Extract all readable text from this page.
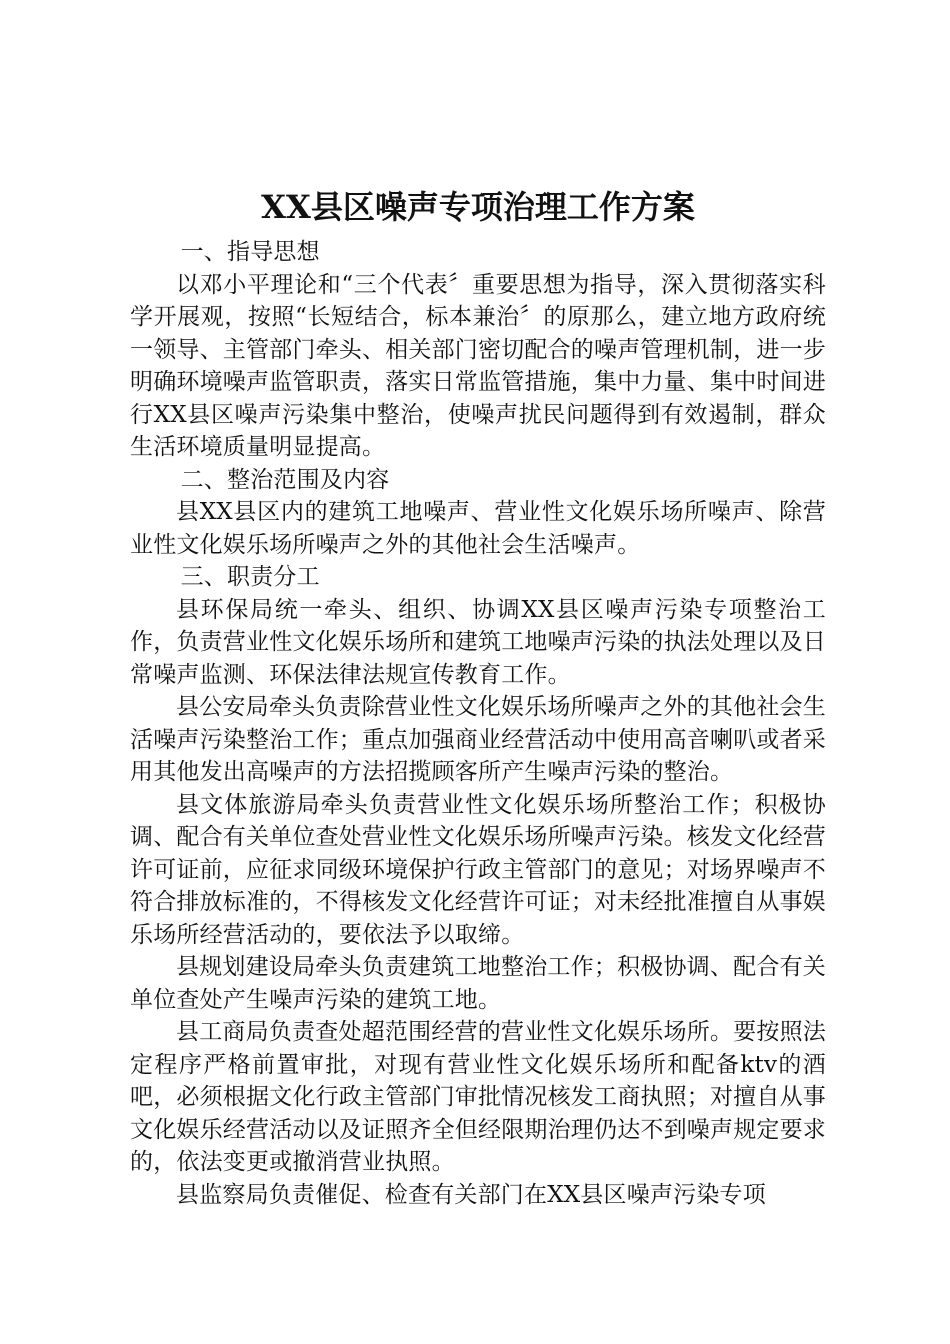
XX县区噪声专项治理工作方案

一、指导思想

以邓小平理论和“三个代表〞重要思想为指导，深入贯彻落实科学开展观，按照“长短结合，标本兼治〞的原那么，建立地方政府统一领导、主管部门牵头、相关部门密切配合的噪声管理机制，进一步明确环境噪声监管职责，落实日常监管措施，集中力量、集中时间进行XX县区噪声污染集中整治，使噪声扰民问题得到有效遏制，群众生活环境质量明显提高。

二、整治范围及内容

县XX县区内的建筑工地噪声、营业性文化娱乐场所噪声、除营业性文化娱乐场所噪声之外的其他社会生活噪声。

三、职责分工

县环保局统一牵头、组织、协调XX县区噪声污染专项整治工作，负责营业性文化娱乐场所和建筑工地噪声污染的执法处理以及日常噪声监测、环保法律法规宣传教育工作。

县公安局牵头负责除营业性文化娱乐场所噪声之外的其他社会生活噪声污染整治工作；重点加强商业经营活动中使用高音喇叭或者采用其他发出高噪声的方法招揽顾客所产生噪声污染的整治。

县文体旅游局牵头负责营业性文化娱乐场所整治工作；积极协调、配合有关单位查处营业性文化娱乐场所噪声污染。核发文化经营许可证前，应征求同级环境保护行政主管部门的意见；对场界噪声不符合排放标准的，不得核发文化经营许可证；对未经批准擅自从事娱乐场所经营活动的，要依法予以取缔。

县规划建设局牵头负责建筑工地整治工作；积极协调、配合有关单位查处产生噪声污染的建筑工地。

县工商局负责查处超范围经营的营业性文化娱乐场所。要按照法定程序严格前置审批，对现有营业性文化娱乐场所和配备ktv的酒吧，必须根据文化行政主管部门审批情况核发工商执照；对擅自从事文化娱乐经营活动以及证照齐全但经限期治理仍达不到噪声规定要求的，依法变更或撤消营业执照。

县监察局负责催促、检查有关部门在XX县区噪声污染专项
